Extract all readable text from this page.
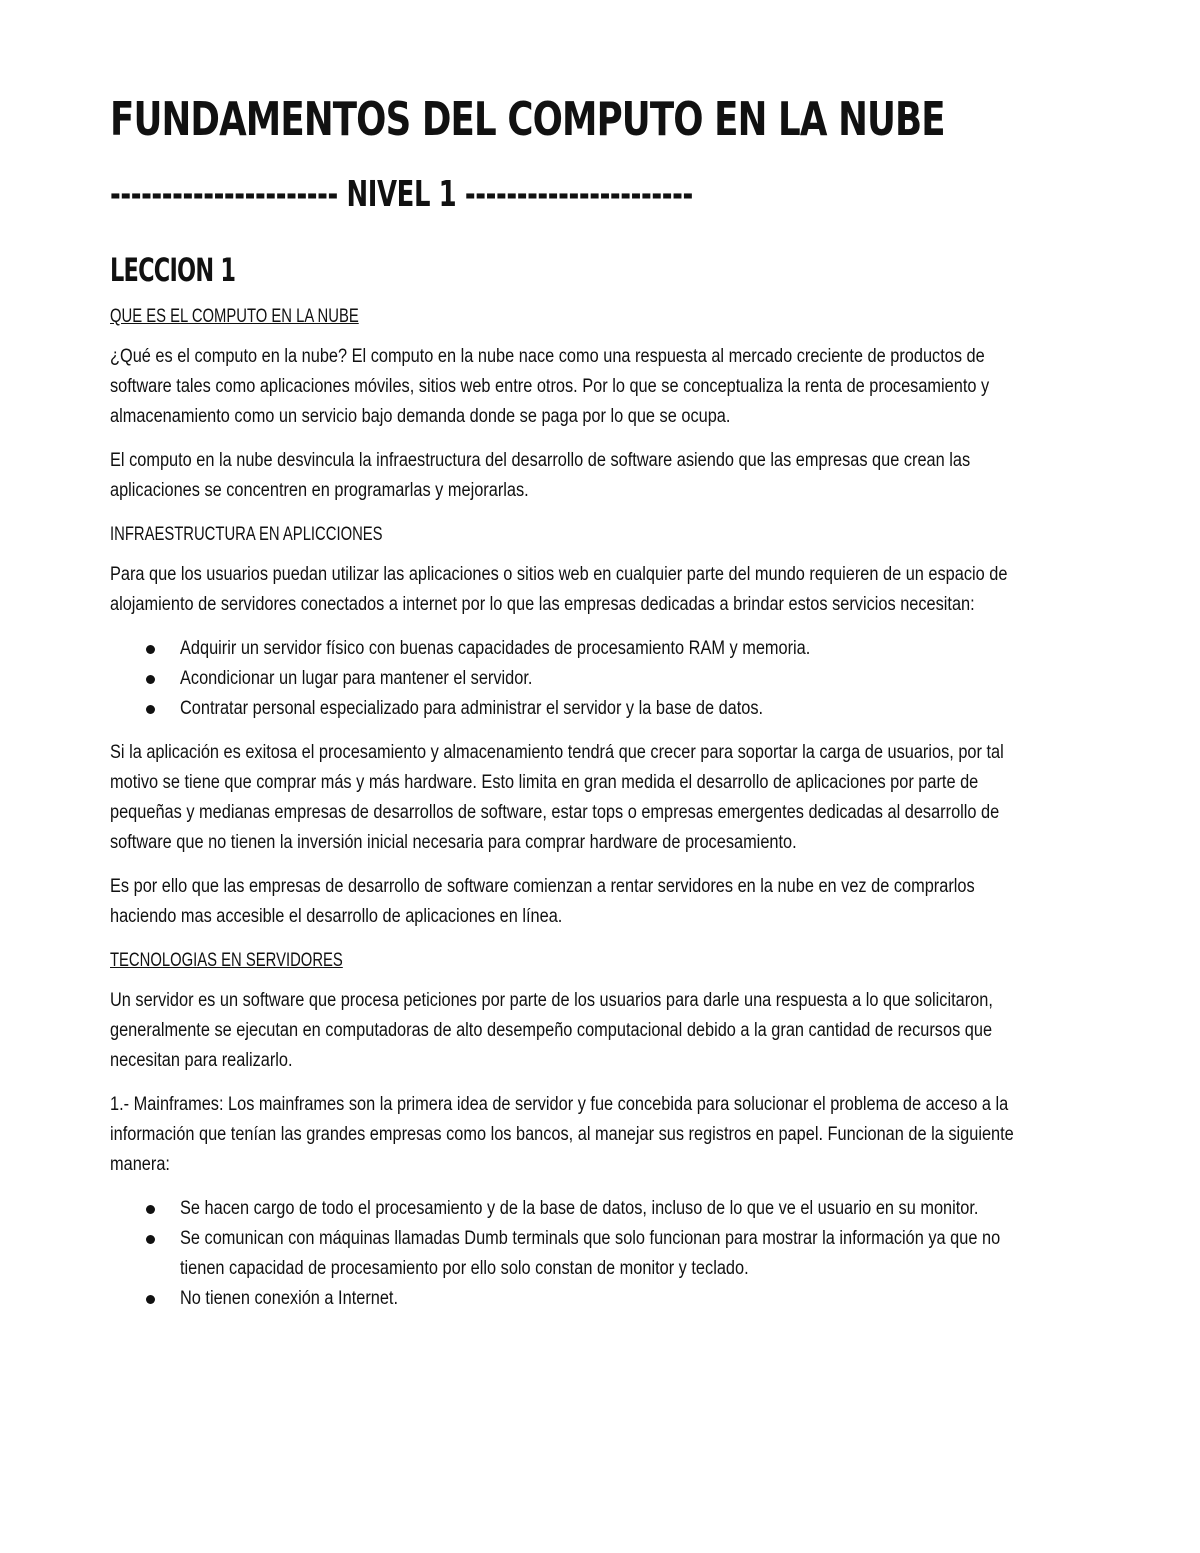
FUNDAMENTOS DEL COMPUTO EN LA NUBE
---------------------- NIVEL 1 ----------------------
LECCION 1
QUE ES EL COMPUTO EN LA NUBE

¿Qué es el computo en la nube? El computo en la nube nace como una respuesta al mercado creciente de productos de software tales como aplicaciones móviles, sitios web entre otros. Por lo que se conceptualiza la renta de procesamiento y almacenamiento como un servicio bajo demanda donde se paga por lo que se ocupa.

El computo en la nube desvincula la infraestructura del desarrollo de software asiendo que las empresas que crean las aplicaciones se concentren en programarlas y mejorarlas.

INFRAESTRUCTURA EN APLICCIONES

Para que los usuarios puedan utilizar las aplicaciones o sitios web en cualquier parte del mundo requieren de un espacio de alojamiento de servidores conectados a internet por lo que las empresas dedicadas a brindar estos servicios necesitan:

Adquirir un servidor físico con buenas capacidades de procesamiento RAM y memoria.
Acondicionar un lugar para mantener el servidor.
Contratar personal especializado para administrar el servidor y la base de datos.

Si la aplicación es exitosa el procesamiento y almacenamiento tendrá que crecer para soportar la carga de usuarios, por tal motivo se tiene que comprar más y más hardware. Esto limita en gran medida el desarrollo de aplicaciones por parte de pequeñas y medianas empresas de desarrollos de software, estar tops o empresas emergentes dedicadas al desarrollo de software que no tienen la inversión inicial necesaria para comprar hardware de procesamiento.

Es por ello que las empresas de desarrollo de software comienzan a rentar servidores en la nube en vez de comprarlos haciendo mas accesible el desarrollo de aplicaciones en línea.

TECNOLOGIAS EN SERVIDORES

Un servidor es un software que procesa peticiones por parte de los usuarios para darle una respuesta a lo que solicitaron, generalmente se ejecutan en computadoras de alto desempeño computacional debido a la gran cantidad de recursos que necesitan para realizarlo.

1.- Mainframes: Los mainframes son la primera idea de servidor y fue concebida para solucionar el problema de acceso a la información que tenían las grandes empresas como los bancos, al manejar sus registros en papel. Funcionan de la siguiente manera:

Se hacen cargo de todo el procesamiento y de la base de datos, incluso de lo que ve el usuario en su monitor.
Se comunican con máquinas llamadas Dumb terminals que solo funcionan para mostrar la información ya que no tienen capacidad de procesamiento por ello solo constan de monitor y teclado.
No tienen conexión a Internet.
